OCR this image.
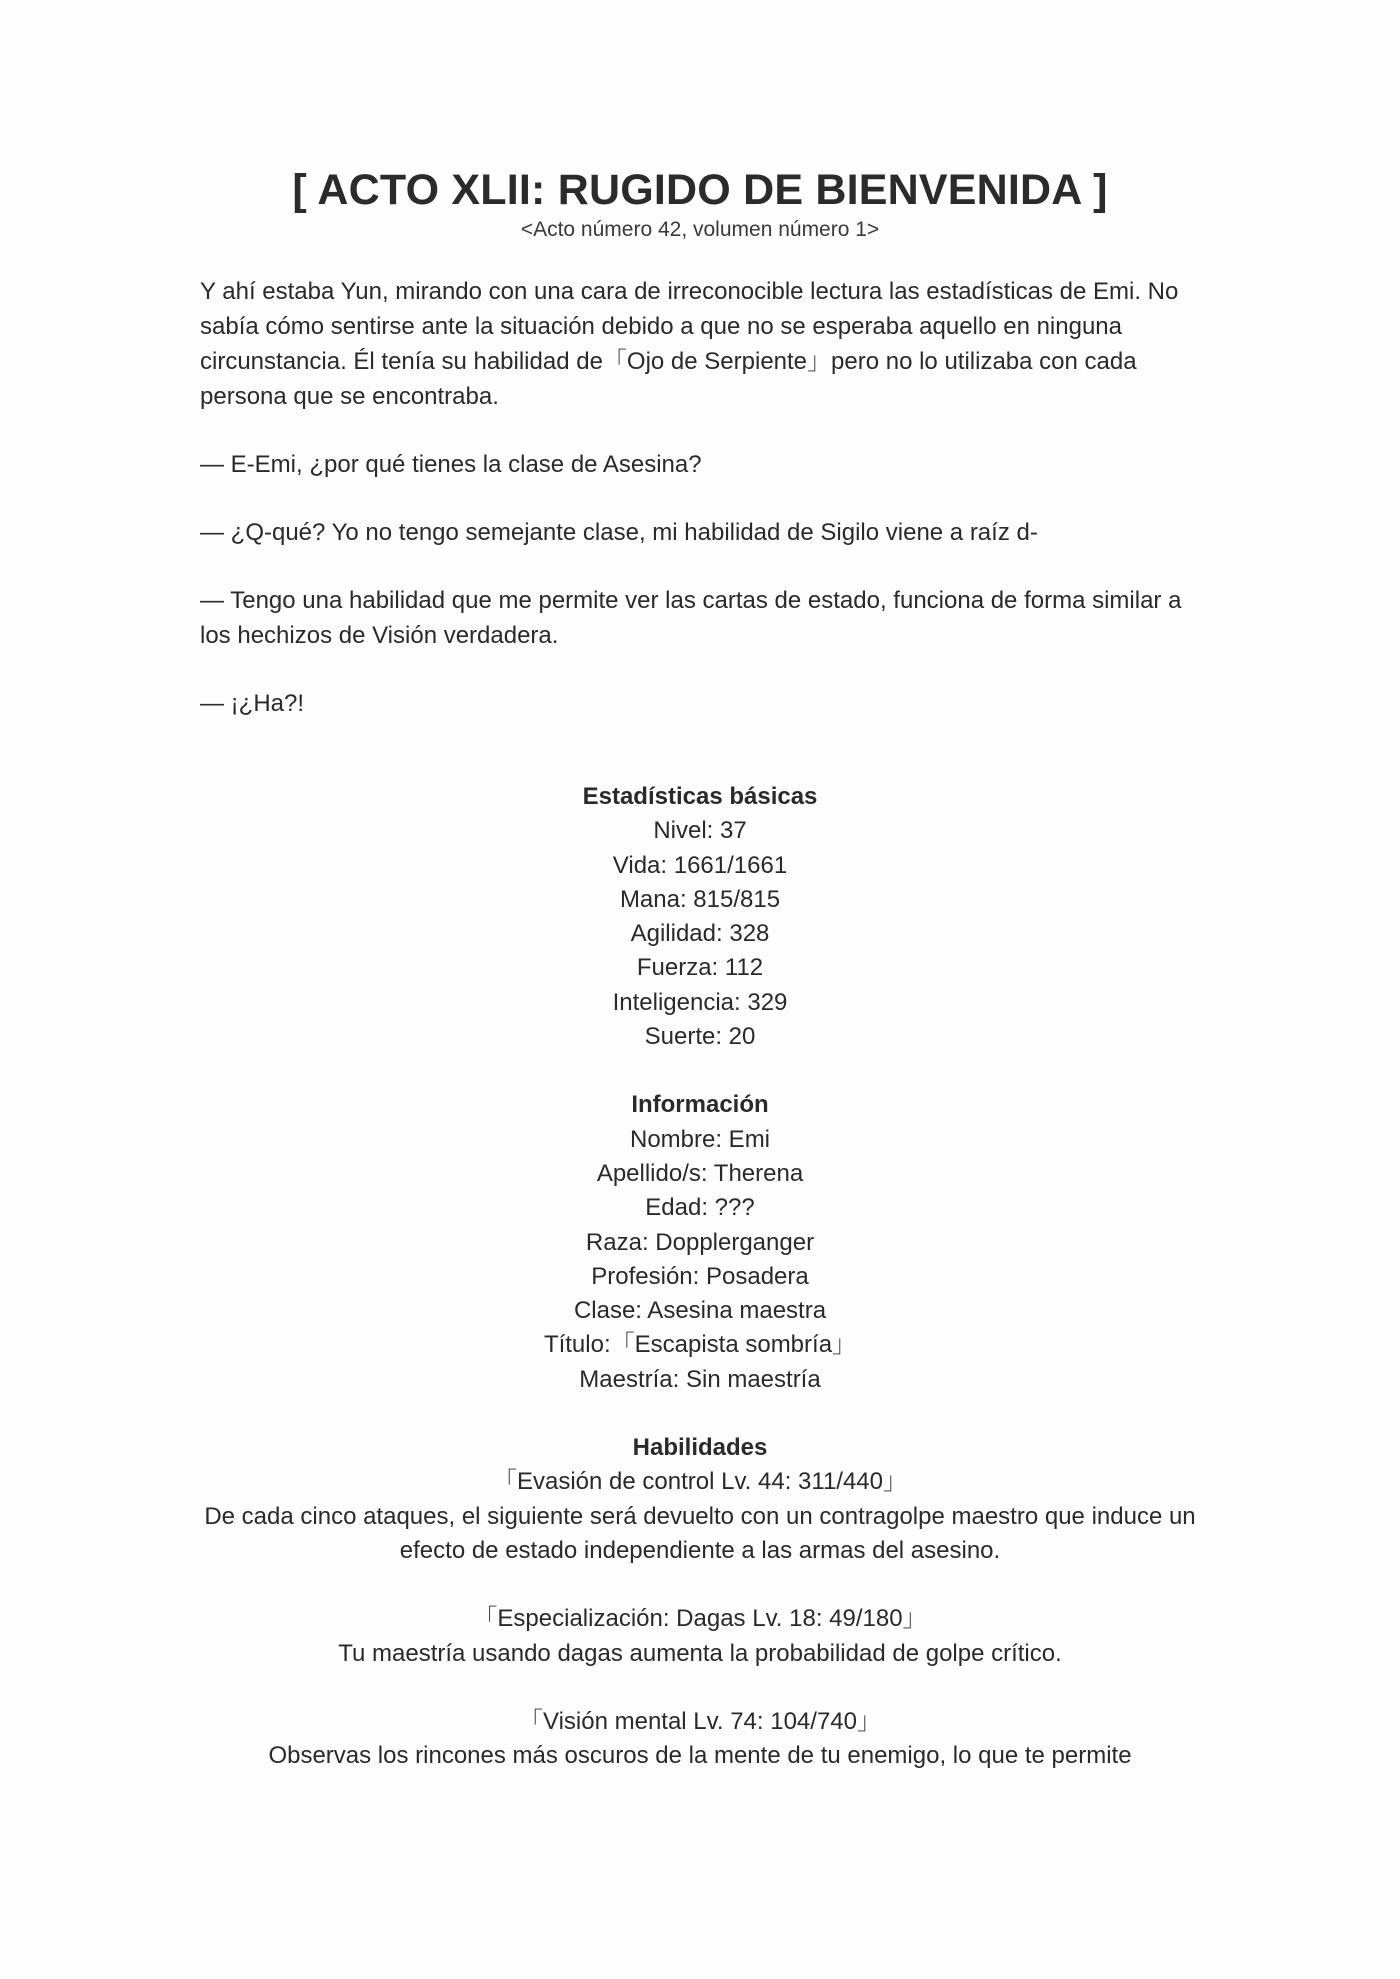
[ ACTO XLII: RUGIDO DE BIENVENIDA ]
<Acto número 42, volumen número 1>

Y ahí estaba Yun, mirando con una cara de irreconocible lectura las estadísticas de Emi. No sabía cómo sentirse ante la situación debido a que no se esperaba aquello en ninguna circunstancia. Él tenía su habilidad de「Ojo de Serpiente」pero no lo utilizaba con cada persona que se encontraba.

— E-Emi, ¿por qué tienes la clase de Asesina?

— ¿Q-qué? Yo no tengo semejante clase, mi habilidad de Sigilo viene a raíz d-

— Tengo una habilidad que me permite ver las cartas de estado, funciona de forma similar a los hechizos de Visión verdadera.

— ¡¿Ha?!

Estadísticas básicas
Nivel: 37
Vida: 1661/1661
Mana: 815/815
Agilidad: 328
Fuerza: 112
Inteligencia: 329
Suerte: 20
Información
Nombre: Emi
Apellido/s: Therena
Edad: ???
Raza: Dopplerganger
Profesión: Posadera
Clase: Asesina maestra
Título:「Escapista sombría」
Maestría: Sin maestría
Habilidades
「Evasión de control Lv. 44: 311/440」
De cada cinco ataques, el siguiente será devuelto con un contragolpe maestro que induce un efecto de estado independiente a las armas del asesino.
「Especialización: Dagas Lv. 18: 49/180」
Tu maestría usando dagas aumenta la probabilidad de golpe crítico.
「Visión mental Lv. 74: 104/740」
Observas los rincones más oscuros de la mente de tu enemigo, lo que te permite
